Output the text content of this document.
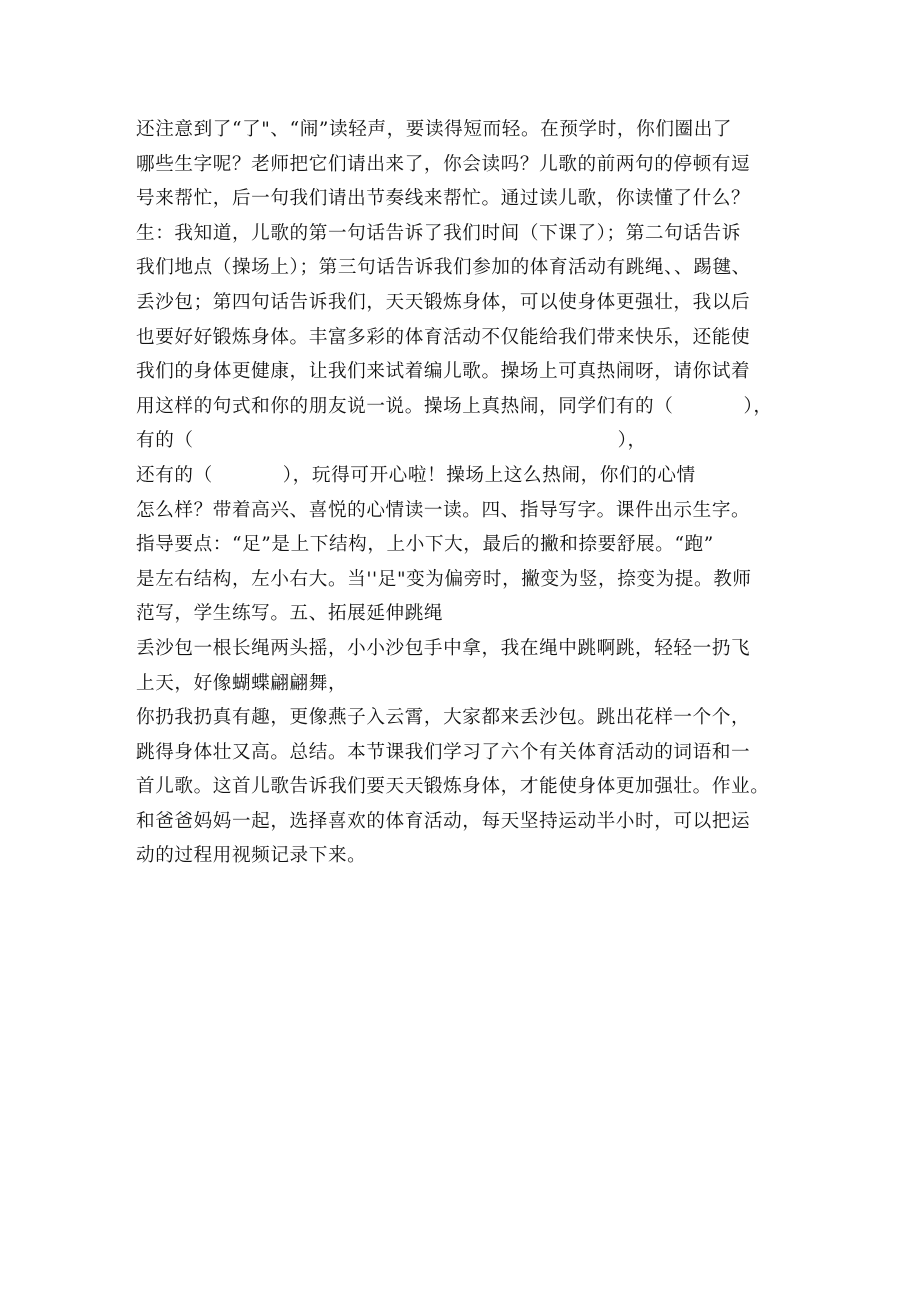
还注意到了“了"、“闹”读轻声，要读得短而轻。在预学时，你们圈出了
哪些生字呢？老师把它们请出来了，你会读吗？儿歌的前两句的停顿有逗
号来帮忙，后一句我们请出节奏线来帮忙。通过读儿歌，你读懂了什么？
生：我知道，儿歌的第一句话告诉了我们时间（下课了）；第二句话告诉
我们地点（操场上）；第三句话告诉我们参加的体育活动有跳绳、、踢毽、
丢沙包；第四句话告诉我们，天天锻炼身体，可以使身体更强壮，我以后
也要好好锻炼身体。丰富多彩的体育活动不仅能给我们带来快乐，还能使
我们的身体更健康，让我们来试着编儿歌。操场上可真热闹呀，请你试着
用这样的句式和你的朋友说一说。操场上真热闹，同学们有的（	），
有的（	），
还有的（	），玩得可开心啦！操场上这么热闹，你们的心情
怎么样？带着高兴、喜悦的心情读一读。四、指导写字。课件出示生字。
指导要点：“足”是上下结构，上小下大，最后的撇和捺要舒展。“跑”
是左右结构，左小右大。当''足"变为偏旁时，撇变为竖，捺变为提。教师
范写，学生练写。五、拓展延伸跳绳
丢沙包一根长绳两头摇，小小沙包手中拿，我在绳中跳啊跳，轻轻一扔飞
上天，好像蝴蝶翩翩舞，
你扔我扔真有趣，更像燕子入云霄，大家都来丢沙包。跳出花样一个个，
跳得身体壮又高。总结。本节课我们学习了六个有关体育活动的词语和一
首儿歌。这首儿歌告诉我们要天天锻炼身体，才能使身体更加强壮。作业。
和爸爸妈妈一起，选择喜欢的体育活动，每天坚持运动半小时，可以把运
动的过程用视频记录下来。
